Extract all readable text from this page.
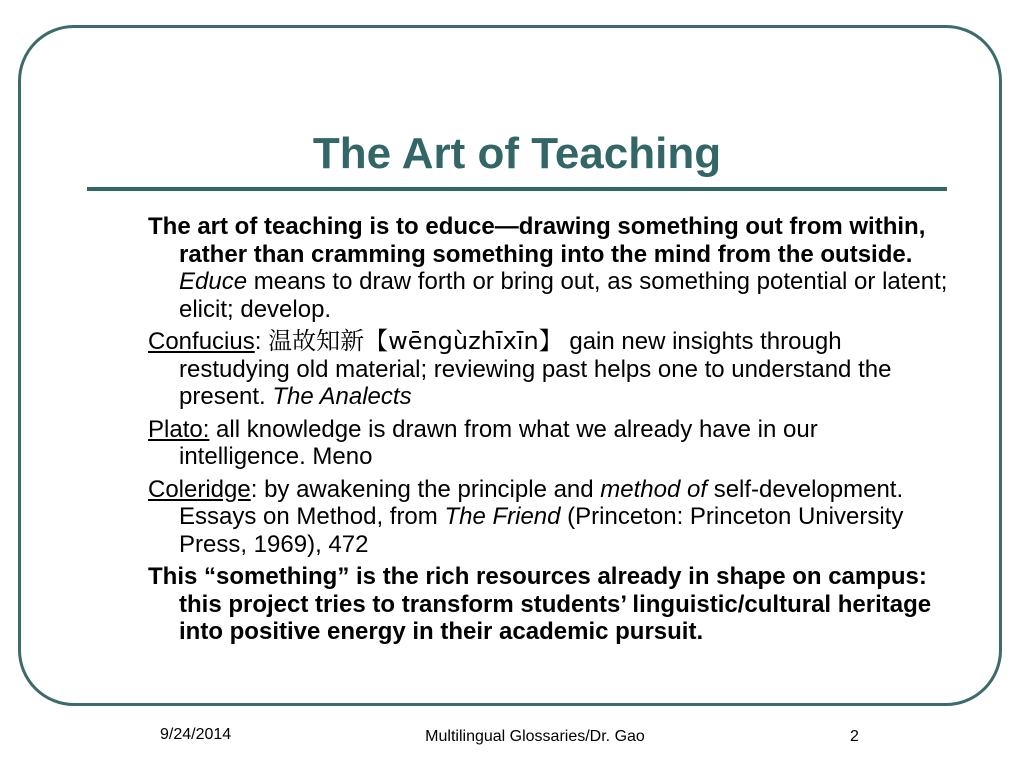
The Art of Teaching

The art of teaching is to educe—drawing something out from within, rather than cramming something into the mind from the outside. Educe means to draw forth or bring out, as something potential or latent; elicit; develop.

Confucius: 温故知新【wēngùzhīxīn】 gain new insights through restudying old material; reviewing past helps one to understand the present. The Analects

Plato: all knowledge is drawn from what we already have in our intelligence. Meno

Coleridge: by awakening the principle and method of self-development. Essays on Method, from The Friend (Princeton: Princeton University Press, 1969), 472

This “something” is the rich resources already in shape on campus: this project tries to transform students’ linguistic/cultural heritage into positive energy in their academic pursuit.

9/24/2014	Multilingual Glossaries/Dr. Gao	2
